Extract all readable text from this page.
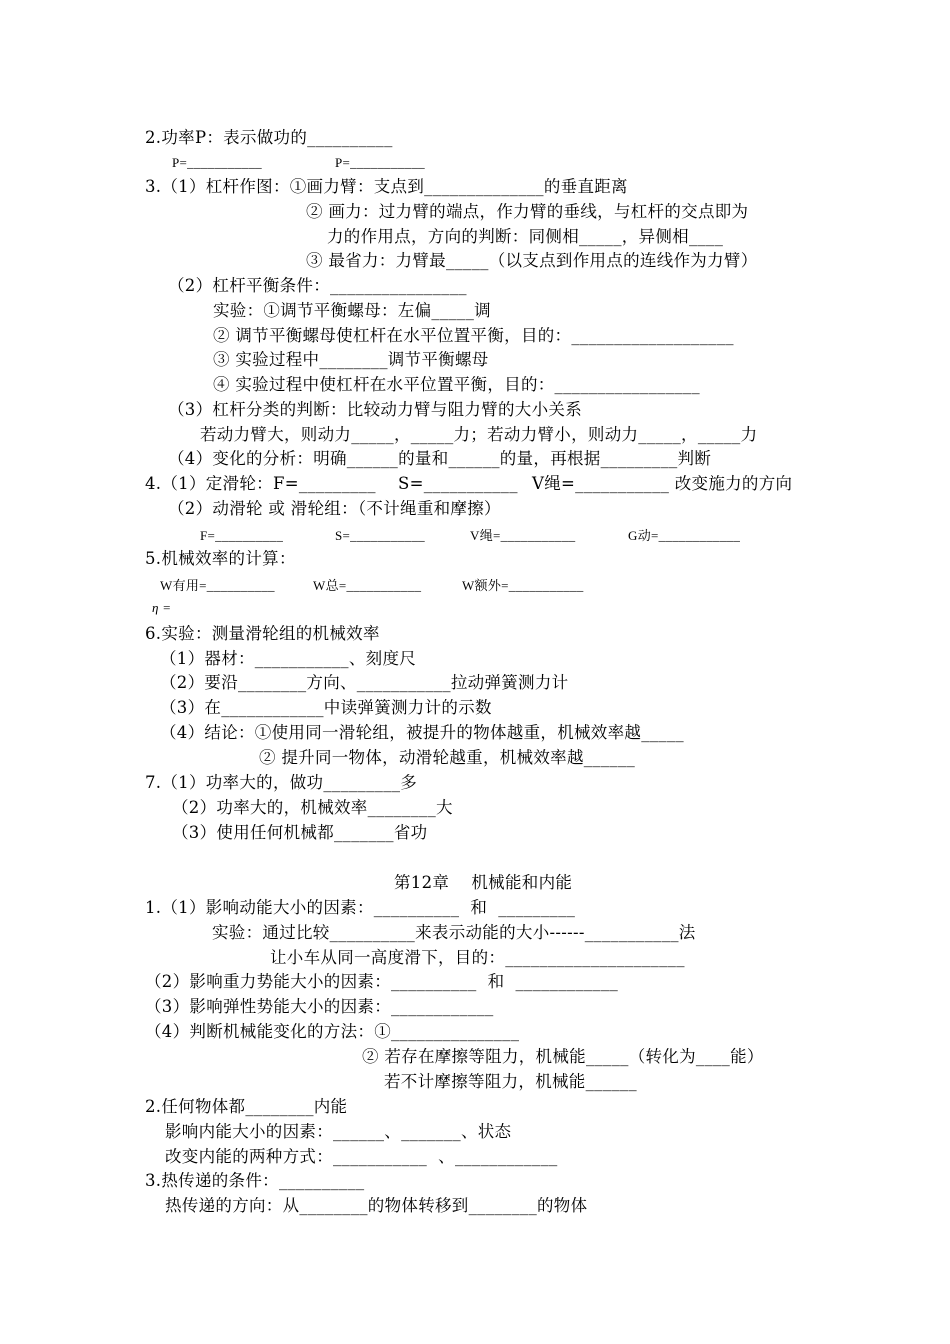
2.功率P：表示做功的__________
P=___________	P=___________
3.（1）杠杆作图：①画力臂：支点到______________的垂直距离
② 画力：过力臂的端点，作力臂的垂线，与杠杆的交点即为
力的作用点，方向的判断：同侧相_____，异侧相____
③ 最省力：力臂最_____（以支点到作用点的连线作为力臂）
（2）杠杆平衡条件：________________
实验：①调节平衡螺母：左偏_____调
② 调节平衡螺母使杠杆在水平位置平衡，目的：___________________
③ 实验过程中________调节平衡螺母
④ 实验过程中使杠杆在水平位置平衡，目的：_________________
（3）杠杆分类的判断：比较动力臂与阻力臂的大小关系
若动力臂大，则动力_____，_____力；若动力臂小，则动力_____，_____力
（4）变化的分析：明确______的量和______的量，再根据_________判断
4.（1）定滑轮：F=_________ S=___________ V绳=___________ 改变施力的方向
（2）动滑轮 或 滑轮组：（不计绳重和摩擦）
F=__________	S=___________	V绳=___________	G动=____________
5.机械效率的计算：
W有用=__________	W总=___________	W额外=___________
η =
6.实验：测量滑轮组的机械效率
（1）器材：___________、刻度尺
（2）要沿________方向、___________拉动弹簧测力计
（3）在____________中读弹簧测力计的示数
（4）结论：①使用同一滑轮组，被提升的物体越重，机械效率越_____
② 提升同一物体，动滑轮越重，机械效率越______
7.（1）功率大的，做功_________多
（2）功率大的，机械效率________大
（3）使用任何机械都_______省功
第12章    机械能和内能
1.（1）影响动能大小的因素：__________  和  _________
实验：通过比较__________来表示动能的大小------___________法
让小车从同一高度滑下，目的：_____________________
（2）影响重力势能大小的因素：__________  和  ____________
（3）影响弹性势能大小的因素：____________
（4）判断机械能变化的方法：①_______________
② 若存在摩擦等阻力，机械能_____（转化为____能）
若不计摩擦等阻力，机械能______
2.任何物体都________内能
影响内能大小的因素：______、_______、状态
改变内能的两种方式：___________  、____________
3.热传递的条件：__________
热传递的方向：从________的物体转移到________的物体
